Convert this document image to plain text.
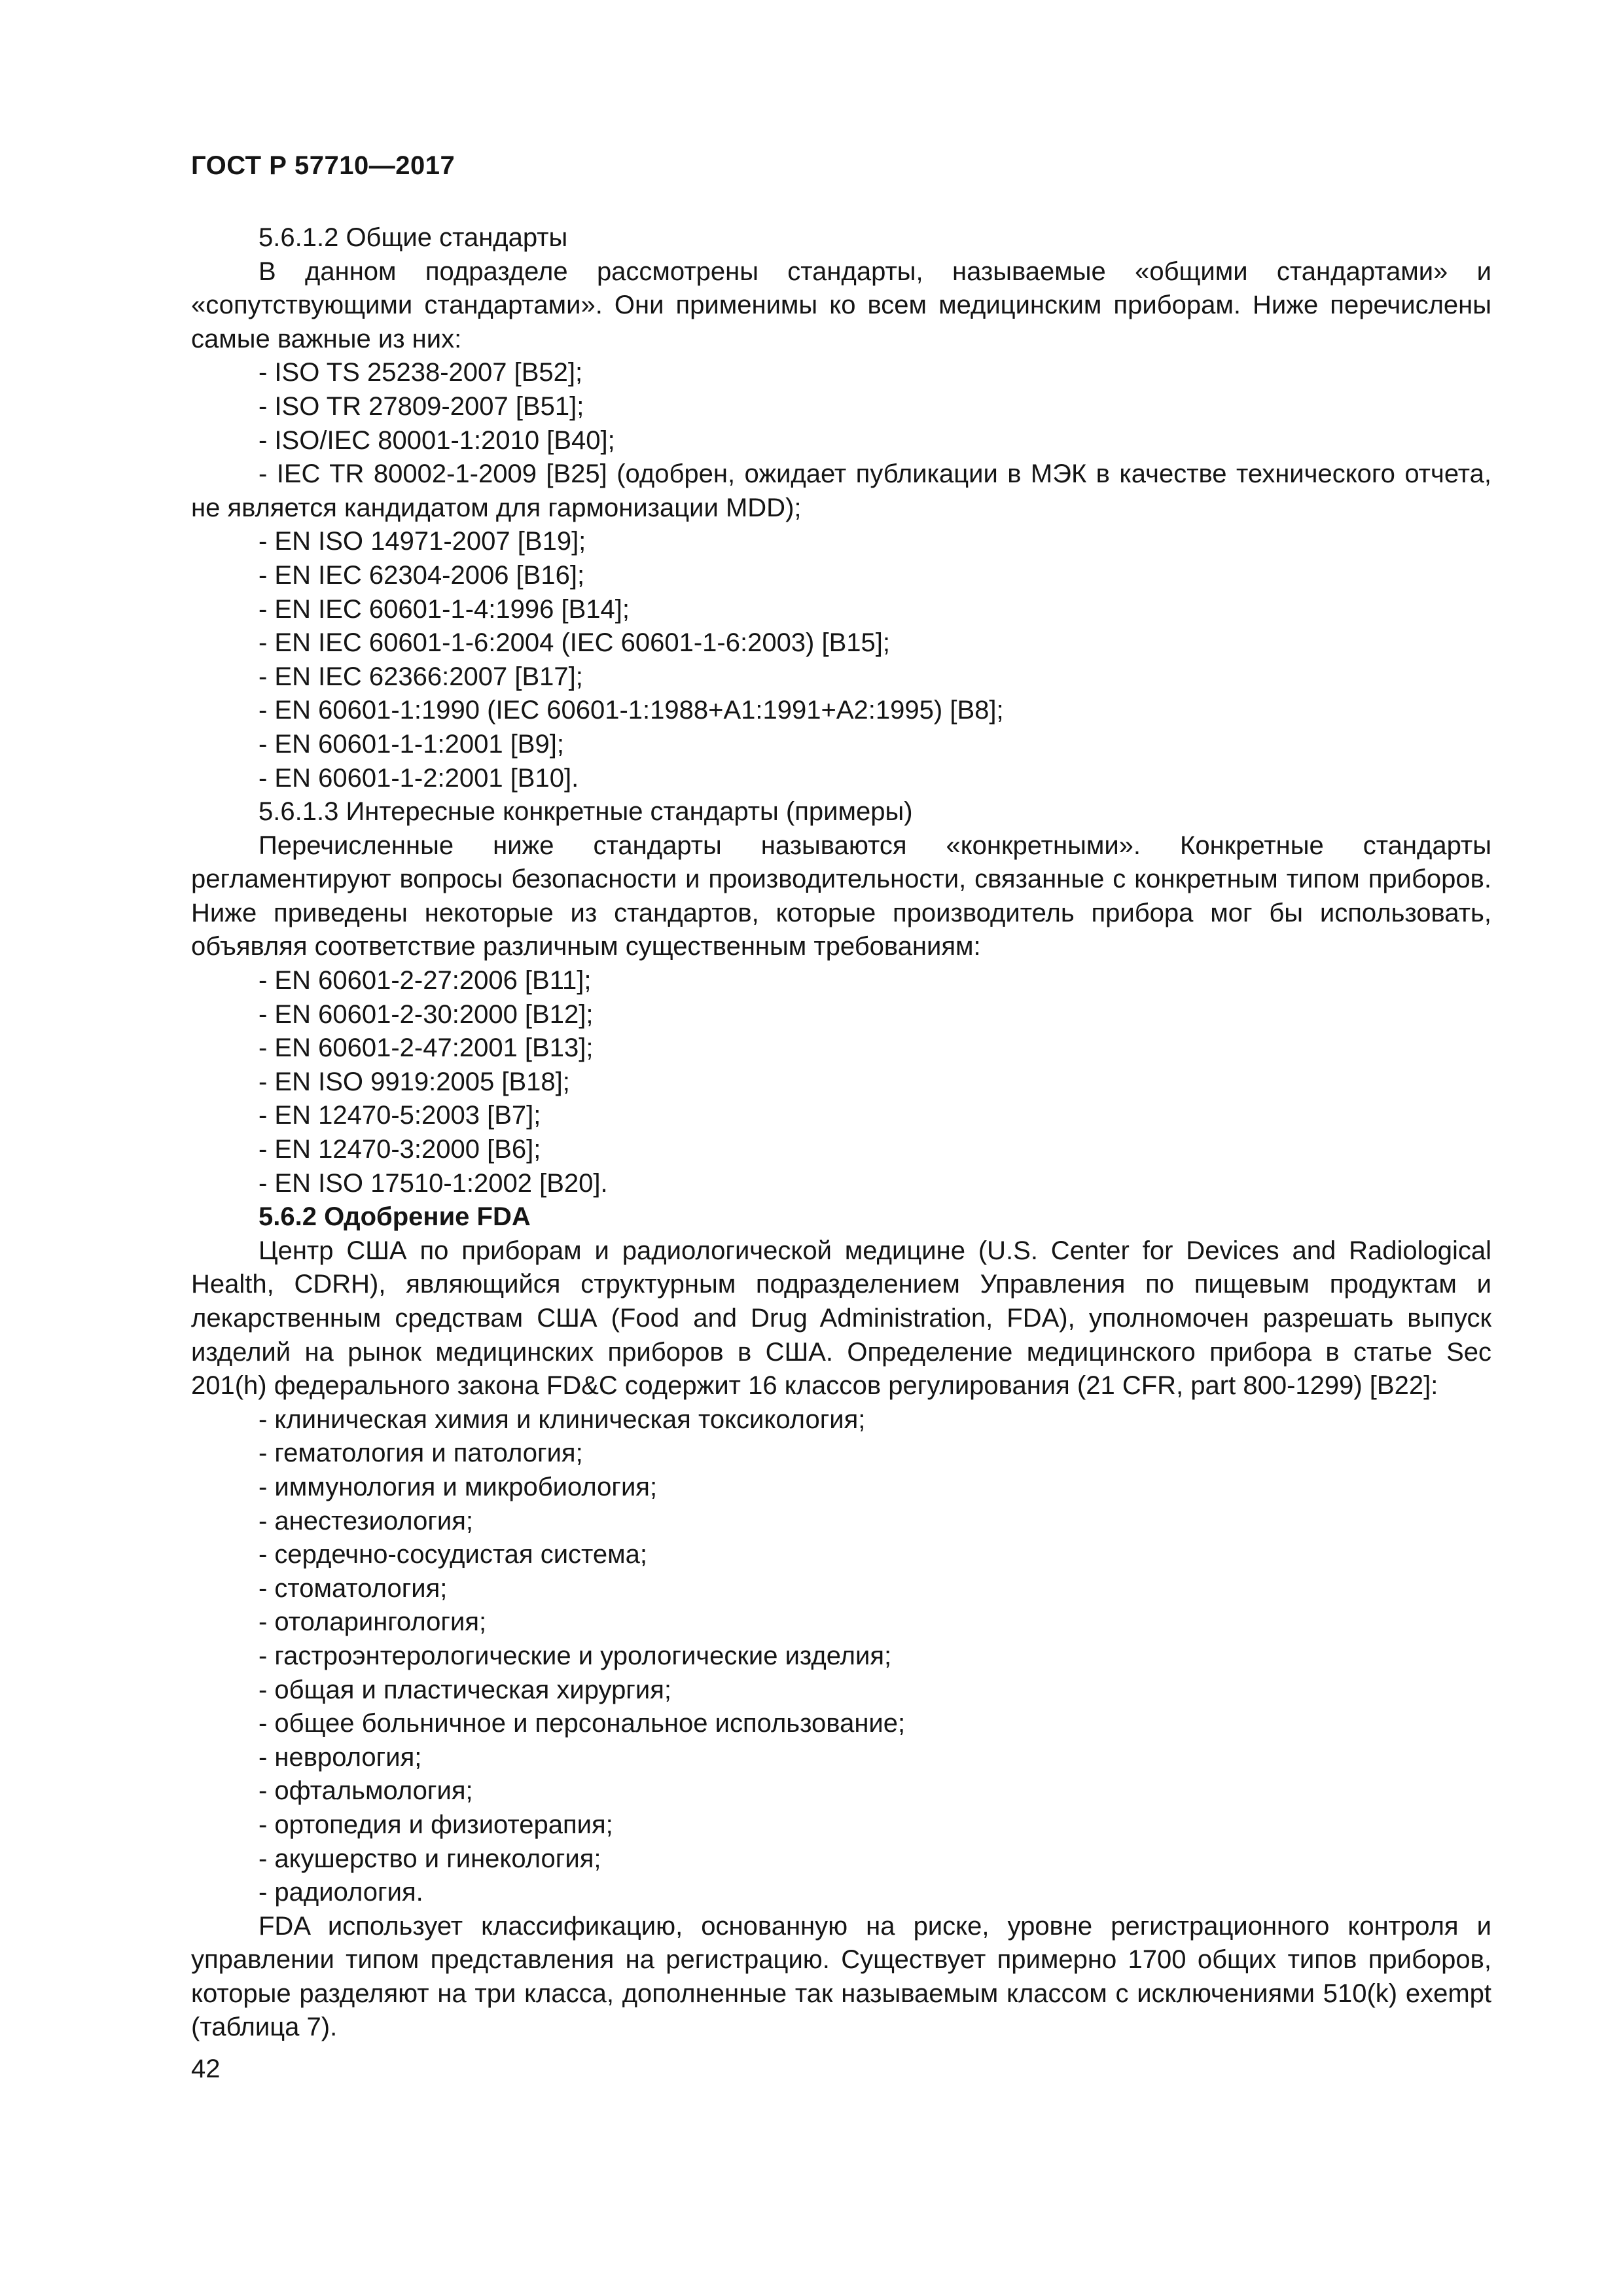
ГОСТ Р 57710—2017

5.6.1.2 Общие стандарты

В данном подразделе рассмотрены стандарты, называемые «общими стандартами» и «сопутствующими стандартами». Они применимы ко всем медицинским приборам. Ниже перечислены самые важные из них:

- ISO TS 25238-2007 [B52];

- ISO TR 27809-2007 [B51];

- ISO/IEC 80001-1:2010 [B40];

- IEC TR 80002-1-2009 [B25] (одобрен, ожидает публикации в МЭК в качестве технического отчета, не является кандидатом для гармонизации MDD);

- EN ISO 14971-2007 [B19];

- EN IEC 62304-2006 [B16];

- EN IEC 60601-1-4:1996 [B14];

- EN IEC 60601-1-6:2004 (IEC 60601-1-6:2003) [B15];

- EN IEC 62366:2007 [B17];

- EN 60601-1:1990 (IEC 60601-1:1988+A1:1991+A2:1995) [B8];

- EN 60601-1-1:2001 [B9];

- EN 60601-1-2:2001 [B10].

5.6.1.3 Интересные конкретные стандарты (примеры)

Перечисленные ниже стандарты называются «конкретными». Конкретные стандарты регламентируют вопросы безопасности и производительности, связанные с конкретным типом приборов. Ниже приведены некоторые из стандартов, которые производитель прибора мог бы использовать, объявляя соответствие различным существенным требованиям:

- EN 60601-2-27:2006 [B11];

- EN 60601-2-30:2000 [B12];

- EN 60601-2-47:2001 [B13];

- EN ISO 9919:2005 [B18];

- EN 12470-5:2003 [B7];

- EN 12470-3:2000 [B6];

- EN ISO 17510-1:2002 [B20].

5.6.2 Одобрение FDA

Центр США по приборам и радиологической медицине (U.S. Center for Devices and Radiological Health, CDRH), являющийся структурным подразделением Управления по пищевым продуктам и лекарственным средствам США (Food and Drug Administration, FDA), уполномочен разрешать выпуск изделий на рынок медицинских приборов в США. Определение медицинского прибора в статье Sec 201(h) федерального закона FD&C содержит 16 классов регулирования (21 CFR, part 800-1299) [B22]:

- клиническая химия и клиническая токсикология;

- гематология и патология;

- иммунология и микробиология;

- анестезиология;

- сердечно-сосудистая система;

- стоматология;

- отоларингология;

- гастроэнтерологические и урологические изделия;

- общая и пластическая хирургия;

- общее больничное и персональное использование;

- неврология;

- офтальмология;

- ортопедия и физиотерапия;

- акушерство и гинекология;

- радиология.

FDA использует классификацию, основанную на риске, уровне регистрационного контроля и управлении типом представления на регистрацию. Существует примерно 1700 общих типов приборов, которые разделяют на три класса, дополненные так называемым классом с исключениями 510(k) exempt (таблица 7).

42
